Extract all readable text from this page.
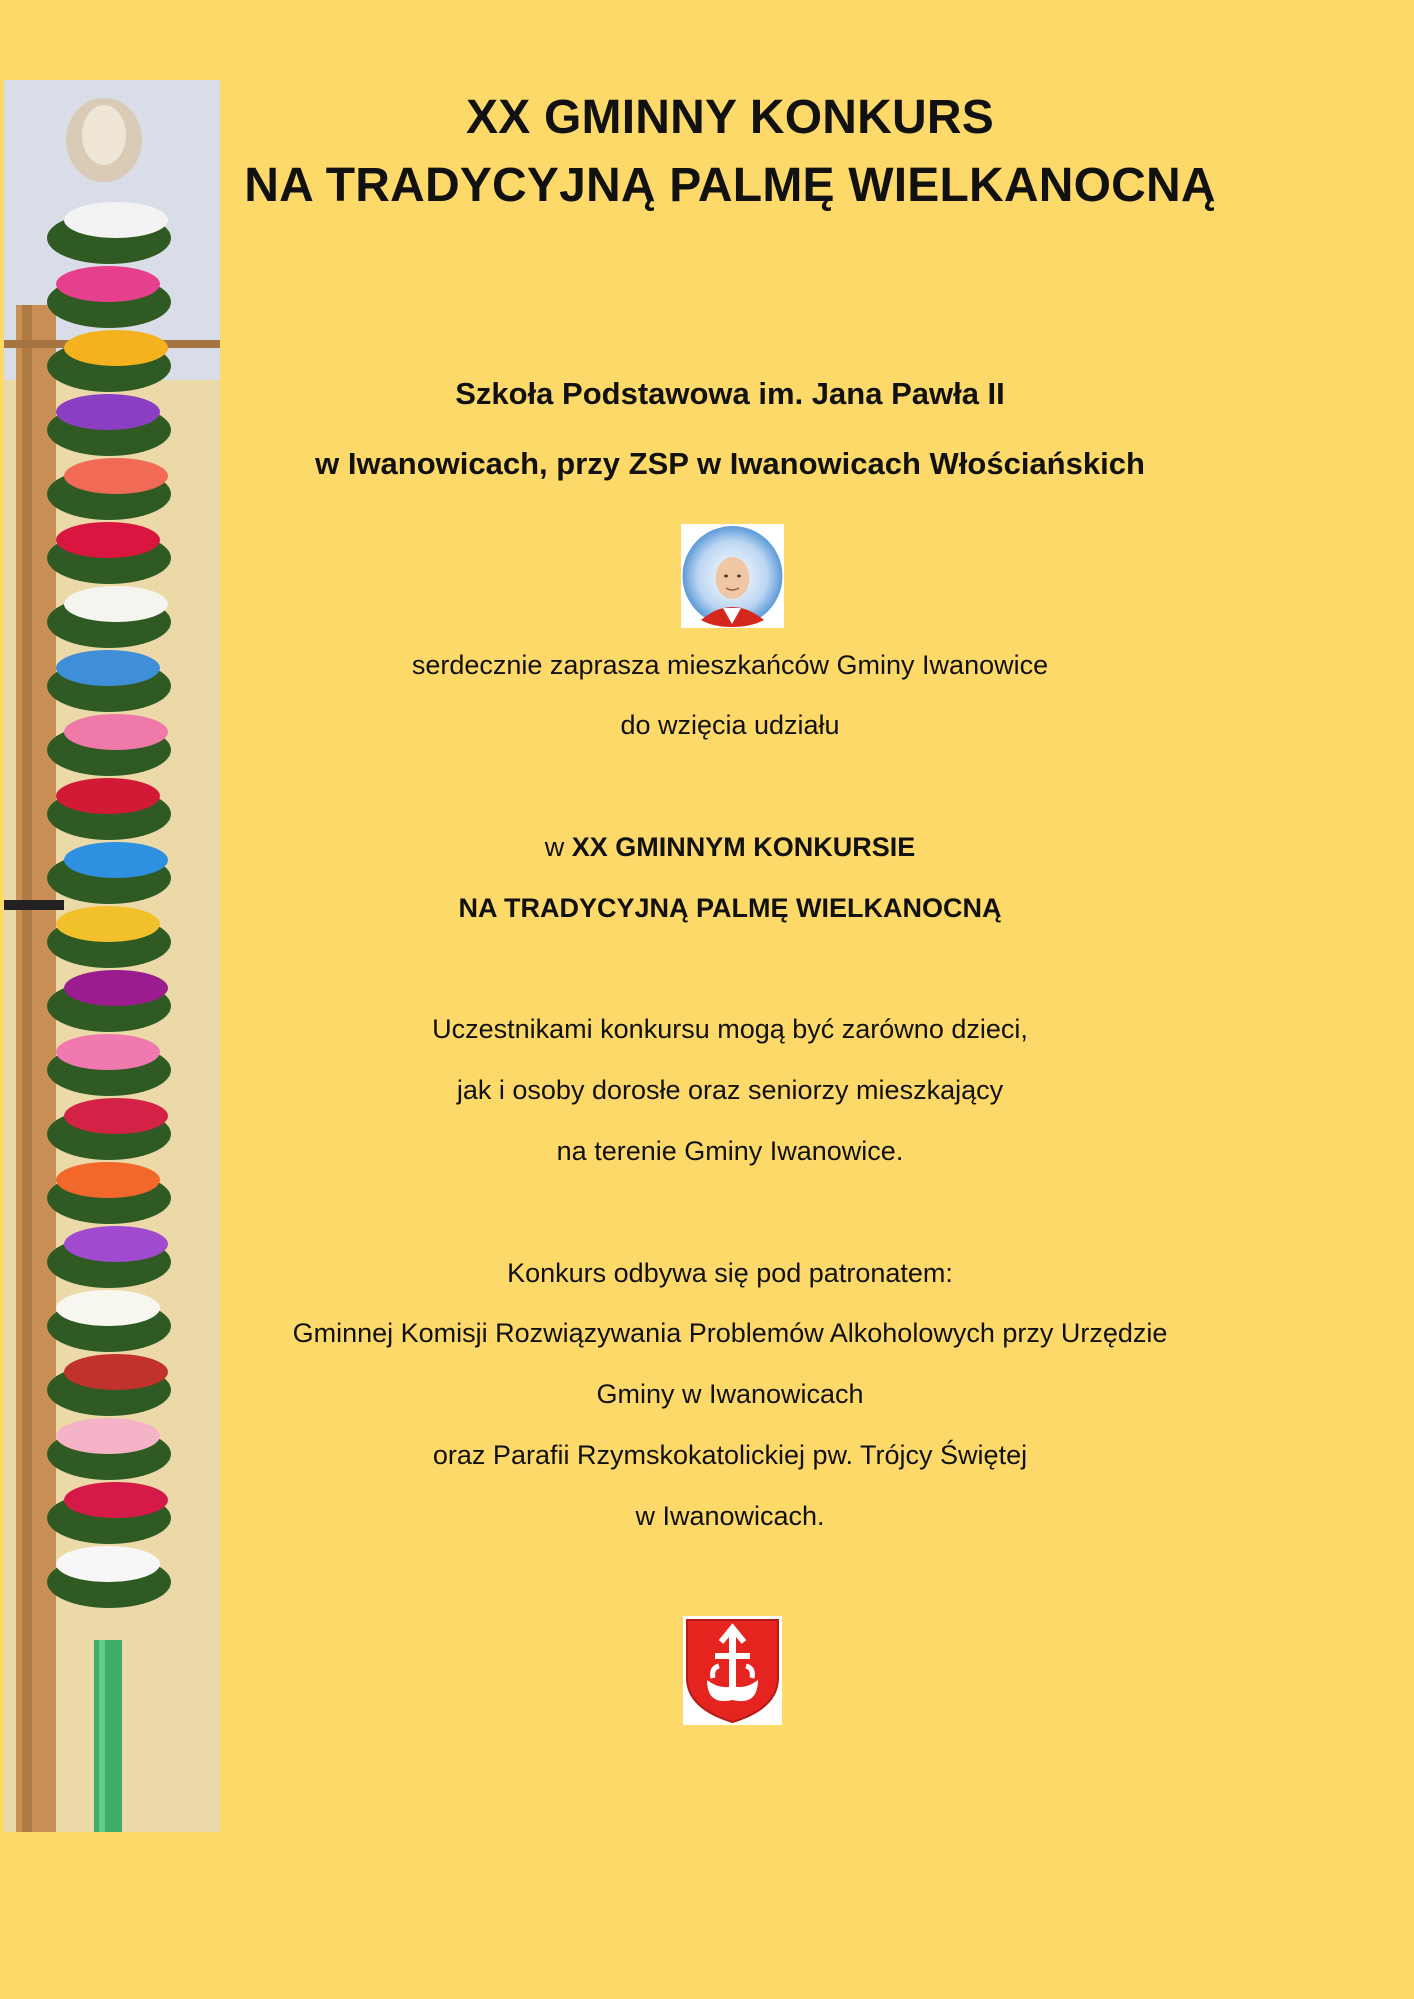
XX GMINNY KONKURS
NA TRADYCYJNĄ PALMĘ WIELKANOCNĄ
Szkoła Podstawowa im. Jana Pawła II
w Iwanowicach, przy ZSP w Iwanowicach Włościańskich
serdecznie zaprasza mieszkańców Gminy Iwanowice
do wzięcia udziału
w XX GMINNYM KONKURSIE
NA TRADYCYJNĄ PALMĘ WIELKANOCNĄ
Uczestnikami konkursu mogą być zarówno dzieci,
jak i osoby dorosłe oraz seniorzy mieszkający
na terenie Gminy Iwanowice.
Konkurs odbywa się pod patronatem:
Gminnej Komisji Rozwiązywania Problemów Alkoholowych przy Urzędzie
Gminy w Iwanowicach
oraz Parafii Rzymskokatolickiej pw. Trójcy Świętej
w Iwanowicach.
